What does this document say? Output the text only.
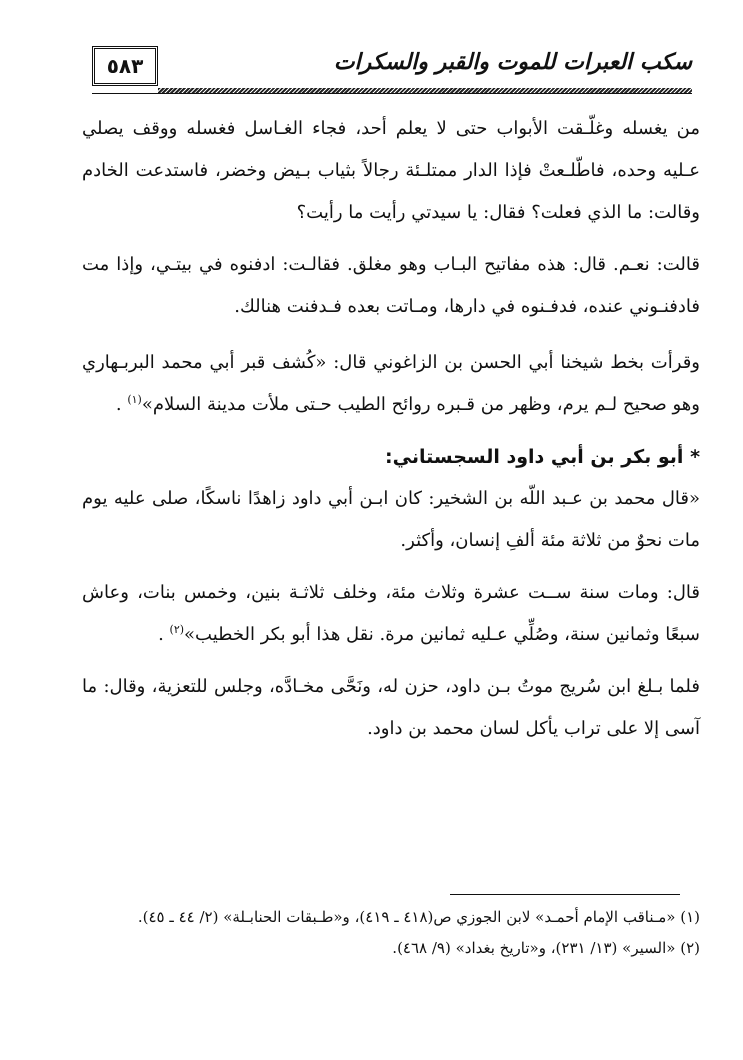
سكب العبرات للموت والقبر والسكرات
٥٨٣

من يغسله وغلّـقت الأبواب حتى لا يعلم أحد، فجاء الغـاسل فغسله ووقف يصلي عـليه وحده، فاطّلـعتْ فإذا الدار ممتلـئة رجالاً بثياب بـيض وخضر، فاستدعت الخادم وقالت: ما الذي فعلت؟ فقال: يا سيدتي رأيت ما رأيت؟

قالت: نعـم. قال: هذه مفاتيح البـاب وهو مغلق. فقالـت: ادفنوه في بيتـي، وإذا مت فادفنـوني عنده، فدفـنوه في دارها، ومـاتت بعده فـدفنت هنالك.

وقرأت بخط شيخنا أبي الحسن بن الزاغوني قال: «كُشف قبر أبي محمد البربـهاري وهو صحيح لـم يرم، وظهر من قـبره روائح الطيب حـتى ملأت مدينة السلام»$^{(١)}$ .

* أبو بكر بن أبي داود السجستاني:

«قال محمد بن عـبد اللّه بن الشخير: كان ابـن أبي داود زاهدًا ناسكًا، صلى عليه يوم مات نحوٌ من ثلاثة مئة ألفِ إنسان، وأكثر.

قال: ومات سنة ســت عشرة وثلاث مئة، وخلف ثلاثـة بنين، وخمس بنات، وعاش سبعًا وثمانين سنة، وصُلِّي عـليه ثمانين مرة. نقل هذا أبو بكر الخطيب»$^{(٢)}$ .

فلما بـلغ ابن سُريج موتُ بـن داود، حزن له، ونَحَّى مخـادَّه، وجلس للتعزية، وقال: ما آسى إلا على تراب يأكل لسان محمد بن داود.

(١) «مـناقب الإمام أحمـد» لابن الجوزي ص(٤١٨ ـ ٤١٩)، و«طـبقات الحنابـلة» (٢/ ٤٤ ـ ٤٥).

(٢) «السير» (١٣/ ٢٣١)، و«تاريخ بغداد» (٩/ ٤٦٨).
